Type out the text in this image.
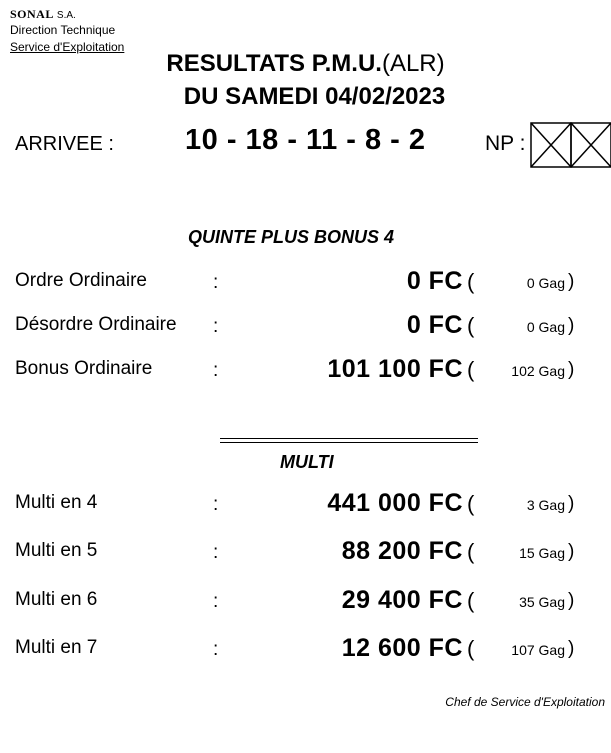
SONAL S.A.
Direction Technique
Service d'Exploitation
RESULTATS P.M.U.(ALR)
DU SAMEDI 04/02/2023
ARRIVEE : 10 - 18 - 11 - 8 - 2	NP :
QUINTE PLUS BONUS 4
Ordre Ordinaire	:	0 FC (	0 Gag )
Désordre Ordinaire :	0 FC (	0 Gag )
Bonus Ordinaire	:	101 100 FC (	102 Gag )
MULTI
Multi en 4	:	441 000 FC (	3 Gag )
Multi en 5	:	88 200 FC (	15 Gag )
Multi en 6	:	29 400 FC (	35 Gag )
Multi en 7	:	12 600 FC (	107 Gag )
Chef de Service d'Exploitation
